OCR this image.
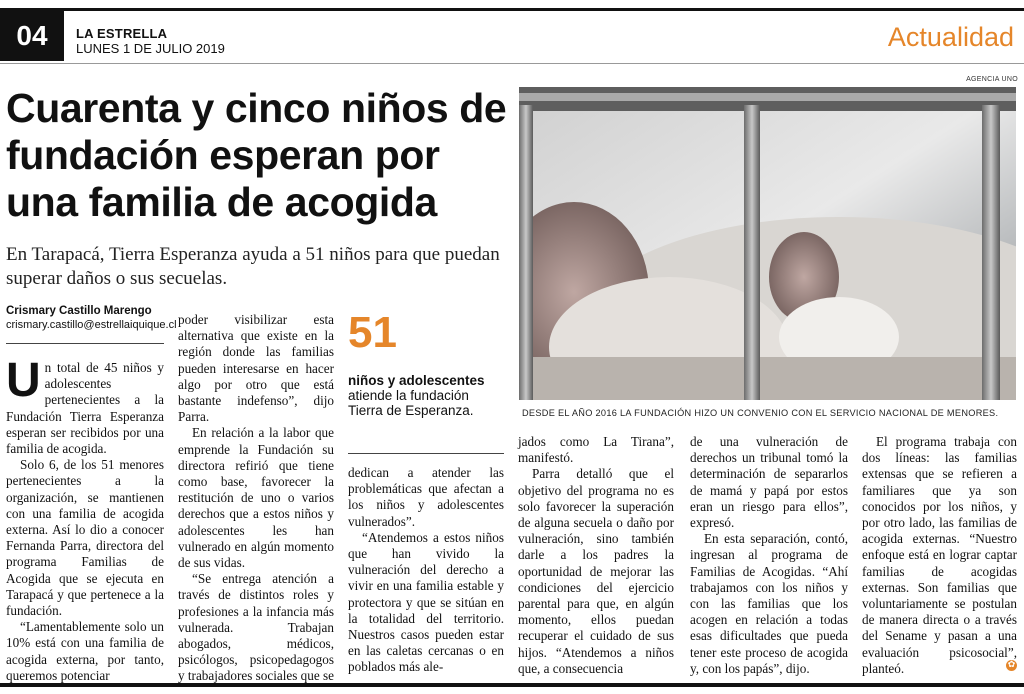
04	LA ESTRELLA
LUNES 1 DE JULIO 2019	Actualidad
Cuarenta y cinco niños de fundación esperan por una familia de acogida

En Tarapacá, Tierra Esperanza ayuda a 51 niños para que puedan superar daños o sus secuelas.

Crismary Castillo Marengo
crismary.castillo@estrellaiquique.cl
U n total de 45 niños y adolescentes pertenecientes a la Fundación Tierra Esperanza esperan ser recibidos por una familia de acogida.

Solo 6, de los 51 menores pertenecientes a la organización, se mantienen con una familia de acogida externa. Así lo dio a conocer Fernanda Parra, directora del programa Familias de Acogida que se ejecuta en Tarapacá y que pertenece a la fundación.

“Lamentablemente solo un 10% está con una familia de acogida externa, por tanto, queremos potenciar

poder visibilizar esta alternativa que existe en la región donde las familias pueden interesarse en hacer algo por otro que está bastante indefenso”, dijo Parra.

En relación a la labor que emprende la Fundación su directora refirió que tiene como base, favorecer la restitución de uno o varios derechos que a estos niños y adolescentes les han vulnerado en algún momento de sus vidas.

“Se entrega atención a través de distintos roles y profesiones a la infancia más vulnerada. Trabajan abogados, médicos, psicólogos, psicopedagogos y trabajadores sociales que se

51
niños y adolescentes
atiende la fundación Tierra de Esperanza.

dedican a atender las problemáticas que afectan a los niños y adolescentes vulnerados”.

“Atendemos a estos niños que han vivido la vulneración del derecho a vivir en una familia estable y protectora y que se sitúan en la totalidad del territorio. Nuestros casos pueden estar en las caletas cercanas o en poblados más ale-

AGENCIA UNO
DESDE EL AÑO 2016 LA FUNDACIÓN HIZO UN CONVENIO CON EL SERVICIO NACIONAL DE MENORES.

jados como La Tirana”, manifestó.

Parra detalló que el objetivo del programa no es solo favorecer la superación de alguna secuela o daño por vulneración, sino también darle a los padres la oportunidad de mejorar las condiciones del ejercicio parental para que, en algún momento, ellos puedan recuperar el cuidado de sus hijos. “Atendemos a niños que, a consecuencia

de una vulneración de derechos un tribunal tomó la determinación de separarlos de mamá y papá por estos eran un riesgo para ellos”, expresó.

En esta separación, contó, ingresan al programa de Familias de Acogidas. “Ahí trabajamos con los niños y con las familias que los acogen en relación a todas esas dificultades que pueda tener este proceso de acogida y, con los papás”, dijo.

El programa trabaja con dos líneas: las familias extensas que se refieren a familiares que ya son conocidos por los niños, y por otro lado, las familias de acogida externas. “Nuestro enfoque está en lograr captar familias de acogidas externas. Son familias que voluntariamente se postulan de manera directa o a través del Sename y pasan a una evaluación psicosocial”, planteó.	✿
